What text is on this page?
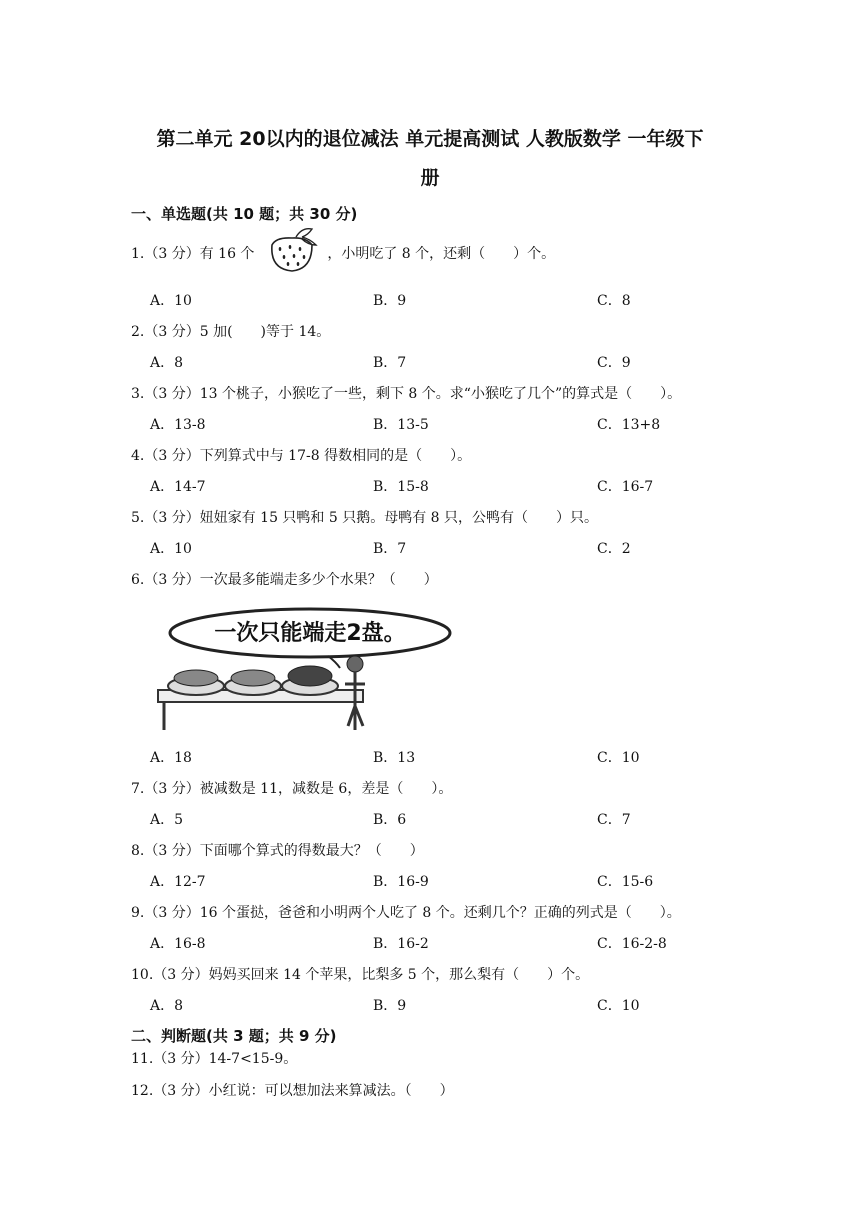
第二单元 20以内的退位减法 单元提高测试 人教版数学 一年级下
册
一、单选题(共 10 题；共 30 分)
1.（3 分）有 16 个	，小明吃了 8 个，还剩（　　）个。
A．10	B．9	C．8
2.（3 分）5 加(　　)等于 14。
A．8	B．7	C．9
3.（3 分）13 个桃子，小猴吃了一些，剩下 8 个。求“小猴吃了几个”的算式是（　　）。
A．13-8	B．13-5	C．13+8
4.（3 分）下列算式中与 17-8 得数相同的是（　　）。
A．14-7	B．15-8	C．16-7
5.（3 分）妞妞家有 15 只鸭和 5 只鹅。母鸭有 8 只，公鸭有（　　）只。
A．10	B．7	C．2
6.（3 分）一次最多能端走多少个水果？（　　）
一次只能端走2盘。
A．18	B．13	C．10
7.（3 分）被减数是 11，减数是 6，差是（　　）。
A．5	B．6	C．7
8.（3 分）下面哪个算式的得数最大？（　　）
A．12-7	B．16-9	C．15-6
9.（3 分）16 个蛋挞，爸爸和小明两个人吃了 8 个。还剩几个？正确的列式是（　　）。
A．16-8	B．16-2	C．16-2-8
10.（3 分）妈妈买回来 14 个苹果，比梨多 5 个，那么梨有（　　）个。
A．8	B．9	C．10
二、判断题(共 3 题；共 9 分)
11.（3 分）14-7<15-9。
12.（3 分）小红说：可以想加法来算减法。（　　）
